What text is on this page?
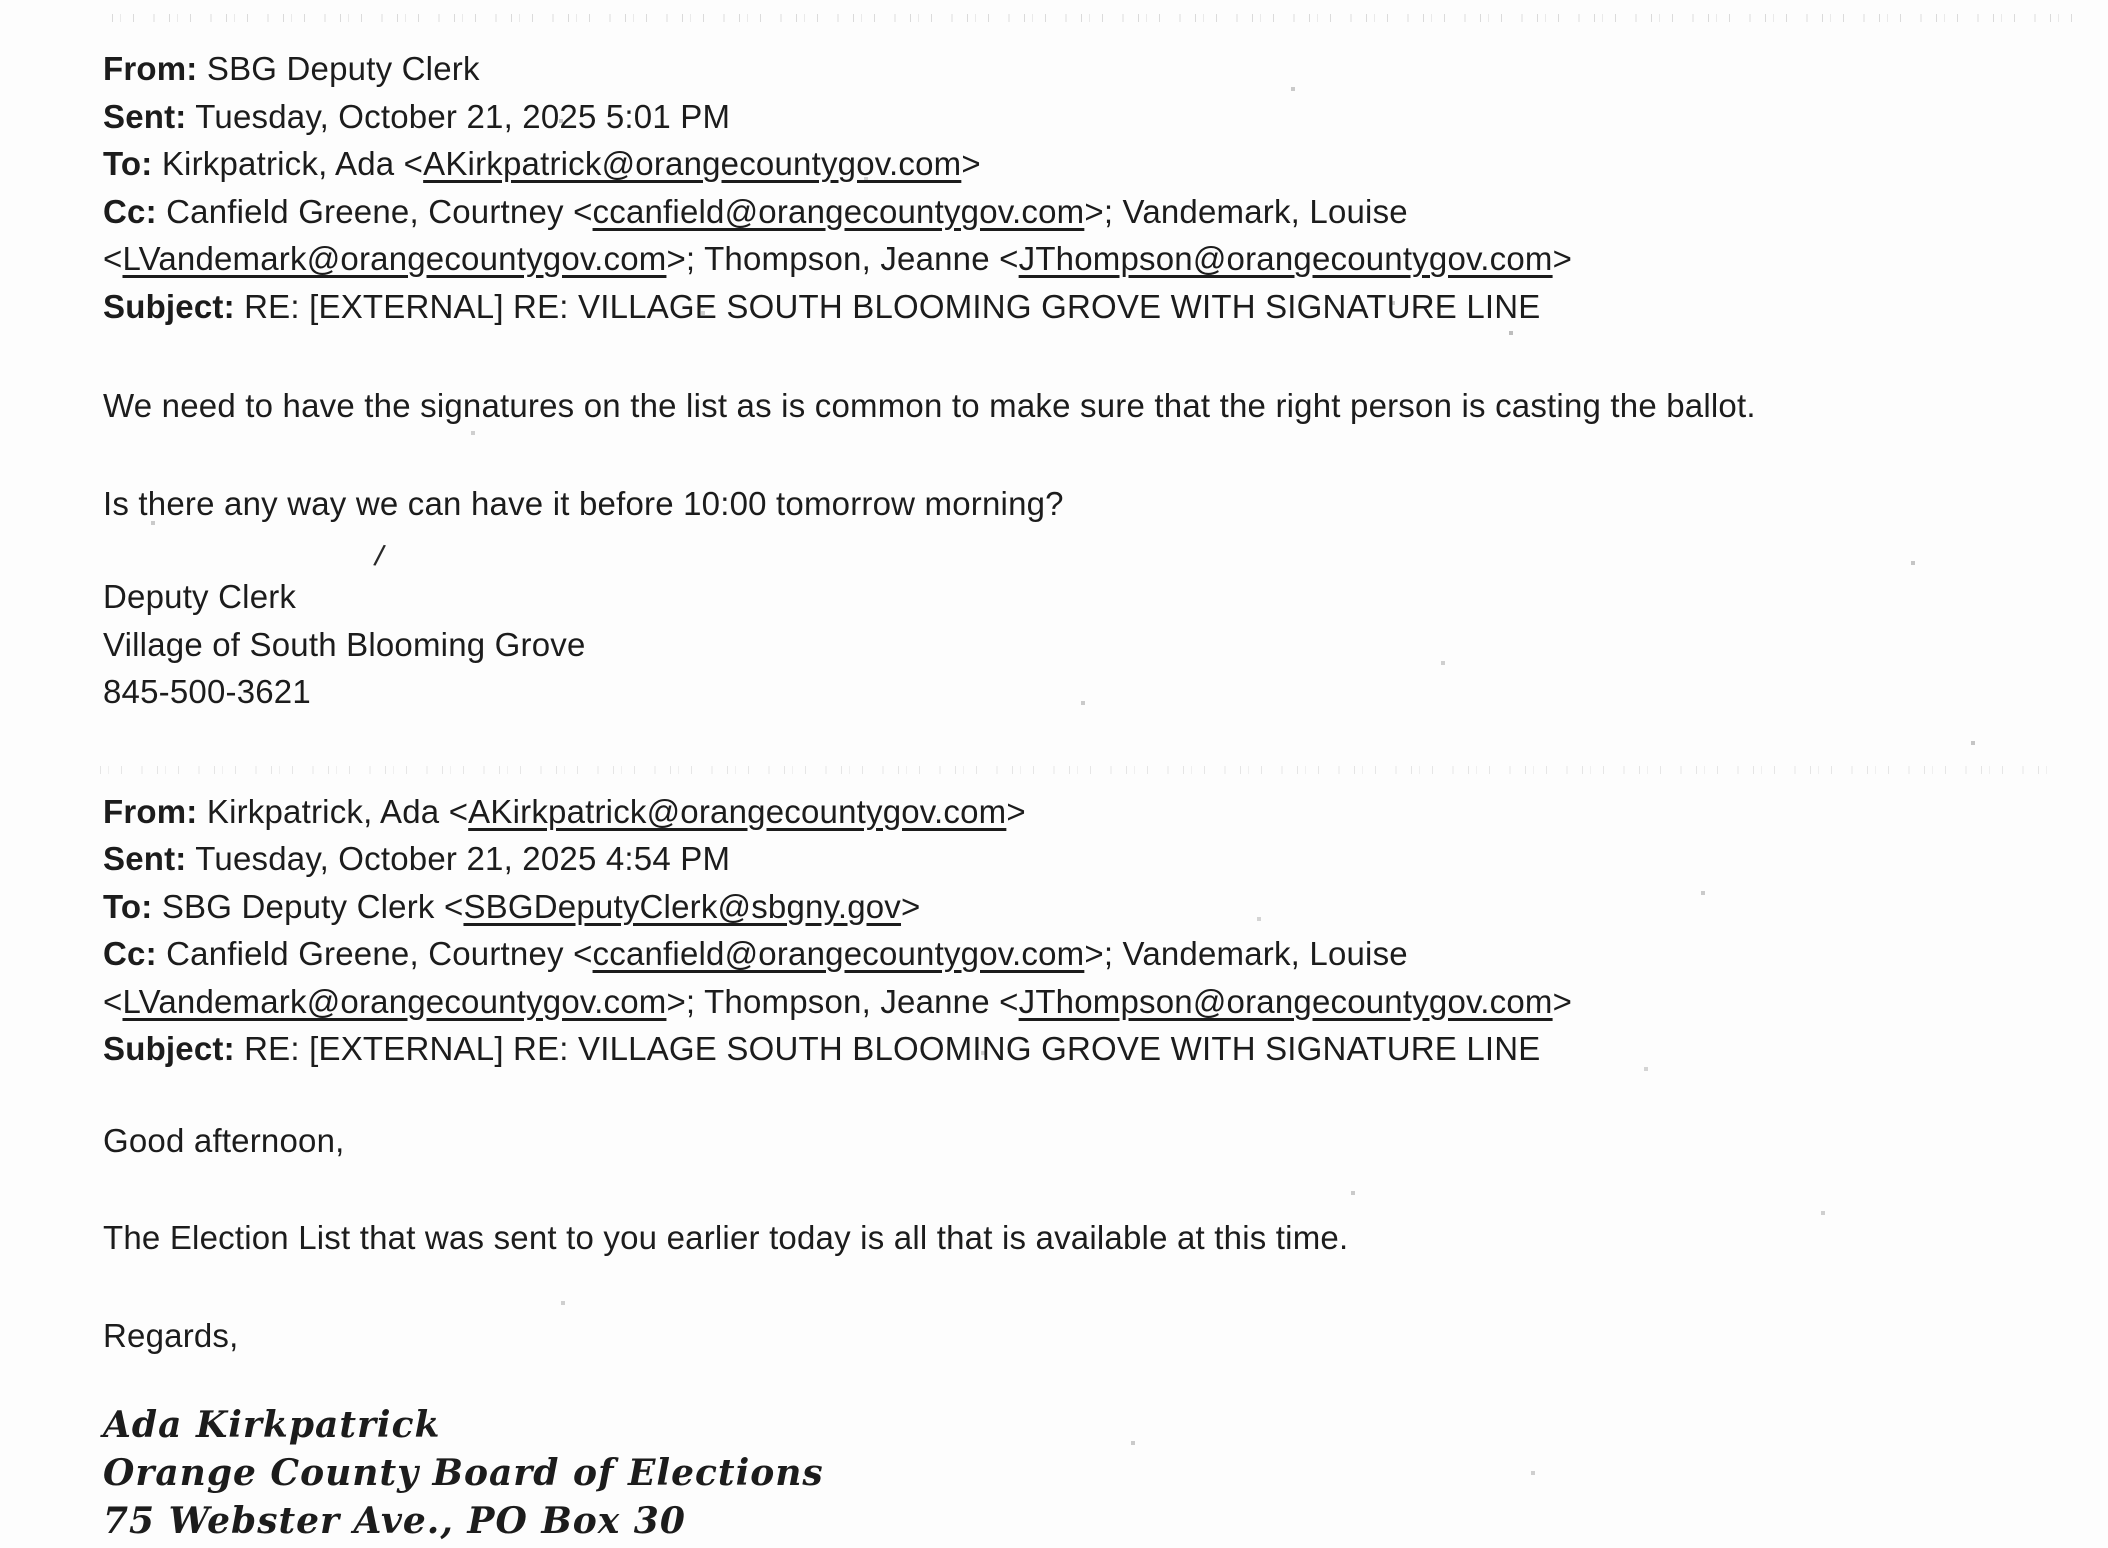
/
From: SBG Deputy Clerk
Sent: Tuesday, October 21, 2025 5:01 PM
To: Kirkpatrick, Ada <AKirkpatrick@orangecountygov.com>
Cc: Canfield Greene, Courtney <ccanfield@orangecountygov.com>; Vandemark, Louise
<LVandemark@orangecountygov.com>; Thompson, Jeanne <JThompson@orangecountygov.com>
Subject: RE: [EXTERNAL] RE: VILLAGE SOUTH BLOOMING GROVE WITH SIGNATURE LINE
We need to have the signatures on the list as is common to make sure that the right person is casting the ballot.
Is there any way we can have it before 10:00 tomorrow morning?
Deputy Clerk
Village of South Blooming Grove
845-500-3621
From: Kirkpatrick, Ada <AKirkpatrick@orangecountygov.com>
Sent: Tuesday, October 21, 2025 4:54 PM
To: SBG Deputy Clerk <SBGDeputyClerk@sbgny.gov>
Cc: Canfield Greene, Courtney <ccanfield@orangecountygov.com>; Vandemark, Louise
<LVandemark@orangecountygov.com>; Thompson, Jeanne <JThompson@orangecountygov.com>
Subject: RE: [EXTERNAL] RE: VILLAGE SOUTH BLOOMING GROVE WITH SIGNATURE LINE
Good afternoon,
The Election List that was sent to you earlier today is all that is available at this time.
Regards,
Ada Kirkpatrick
Orange County Board of Elections
75 Webster Ave., PO Box 30
